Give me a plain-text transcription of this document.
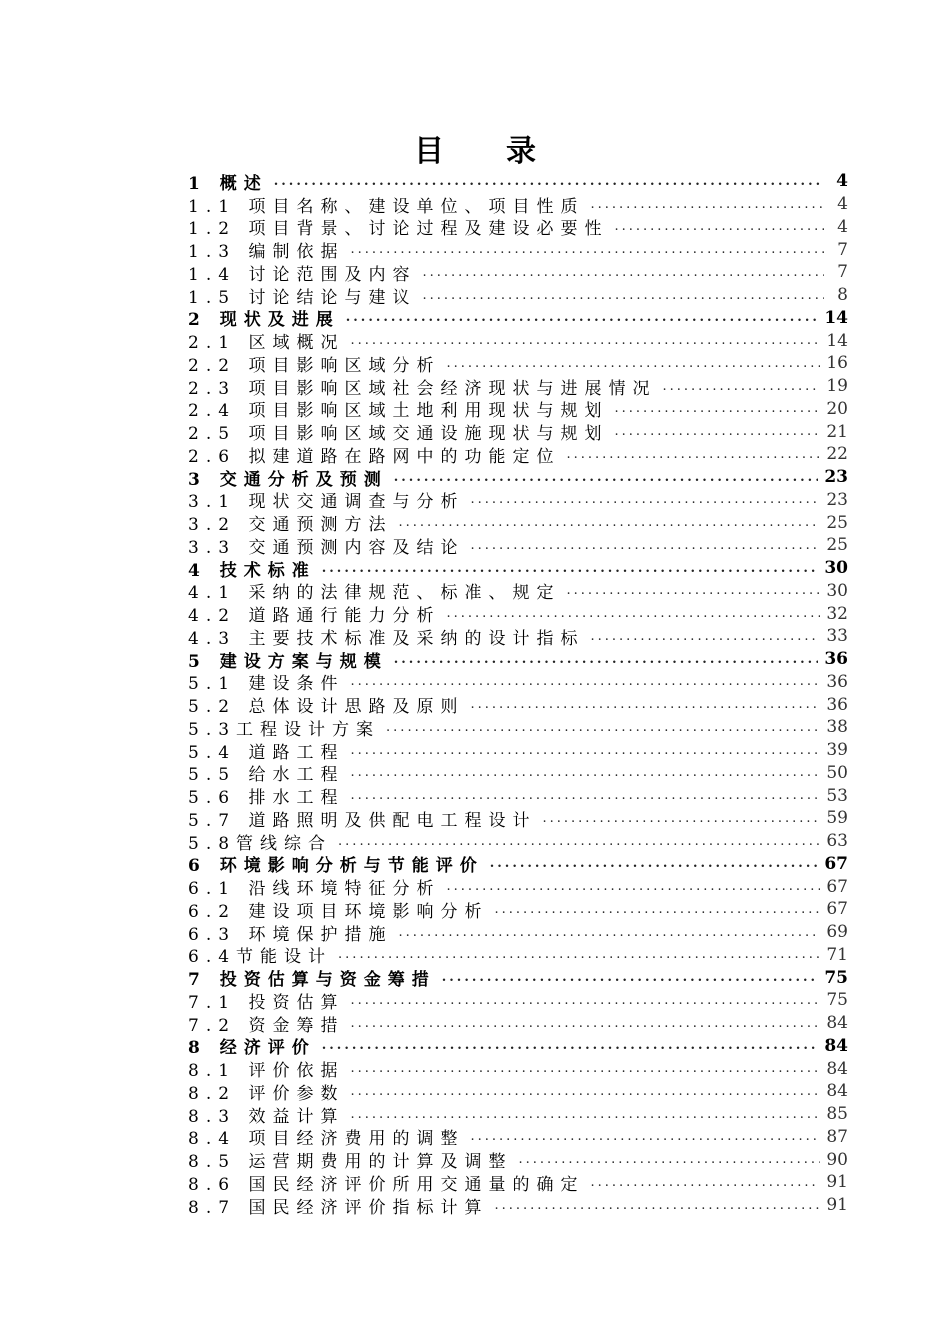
目录
1 概述 .....	4
1.1 项目名称、建设单位、项目性质 .....	4
1.2 项目背景、讨论过程及建设必要性 .....	4
1.3 编制依据 .....	7
1.4 讨论范围及内容 .....	7
1.5 讨论结论与建议 .....	8
2 现状及进展 .....	14
2.1 区域概况 .....	14
2.2 项目影响区域分析 .....	16
2.3 项目影响区域社会经济现状与进展情况 .....	19
2.4 项目影响区域土地利用现状与规划 .....	20
2.5 项目影响区域交通设施现状与规划 .....	21
2.6 拟建道路在路网中的功能定位 .....	22
3 交通分析及预测 .....	23
3.1 现状交通调查与分析 .....	23
3.2 交通预测方法 .....	25
3.3 交通预测内容及结论 .....	25
4 技术标准 .....	30
4.1 采纳的法律规范、标准、规定 .....	30
4.2 道路通行能力分析 .....	32
4.3 主要技术标准及采纳的设计指标 .....	33
5 建设方案与规模 .....	36
5.1 建设条件 .....	36
5.2 总体设计思路及原则 .....	36
5.3工程设计方案 .....	38
5.4 道路工程 .....	39
5.5 给水工程 .....	50
5.6 排水工程 .....	53
5.7 道路照明及供配电工程设计 .....	59
5.8管线综合 .....	63
6 环境影响分析与节能评价 .....	67
6.1 沿线环境特征分析 .....	67
6.2 建设项目环境影响分析 .....	67
6.3 环境保护措施 .....	69
6.4节能设计 .....	71
7 投资估算与资金筹措 .....	75
7.1 投资估算 .....	75
7.2 资金筹措 .....	84
8 经济评价 .....	84
8.1 评价依据 .....	84
8.2 评价参数 .....	84
8.3 效益计算 .....	85
8.4 项目经济费用的调整 .....	87
8.5 运营期费用的计算及调整 .....	90
8.6 国民经济评价所用交通量的确定 .....	91
8.7 国民经济评价指标计算 .....	91
